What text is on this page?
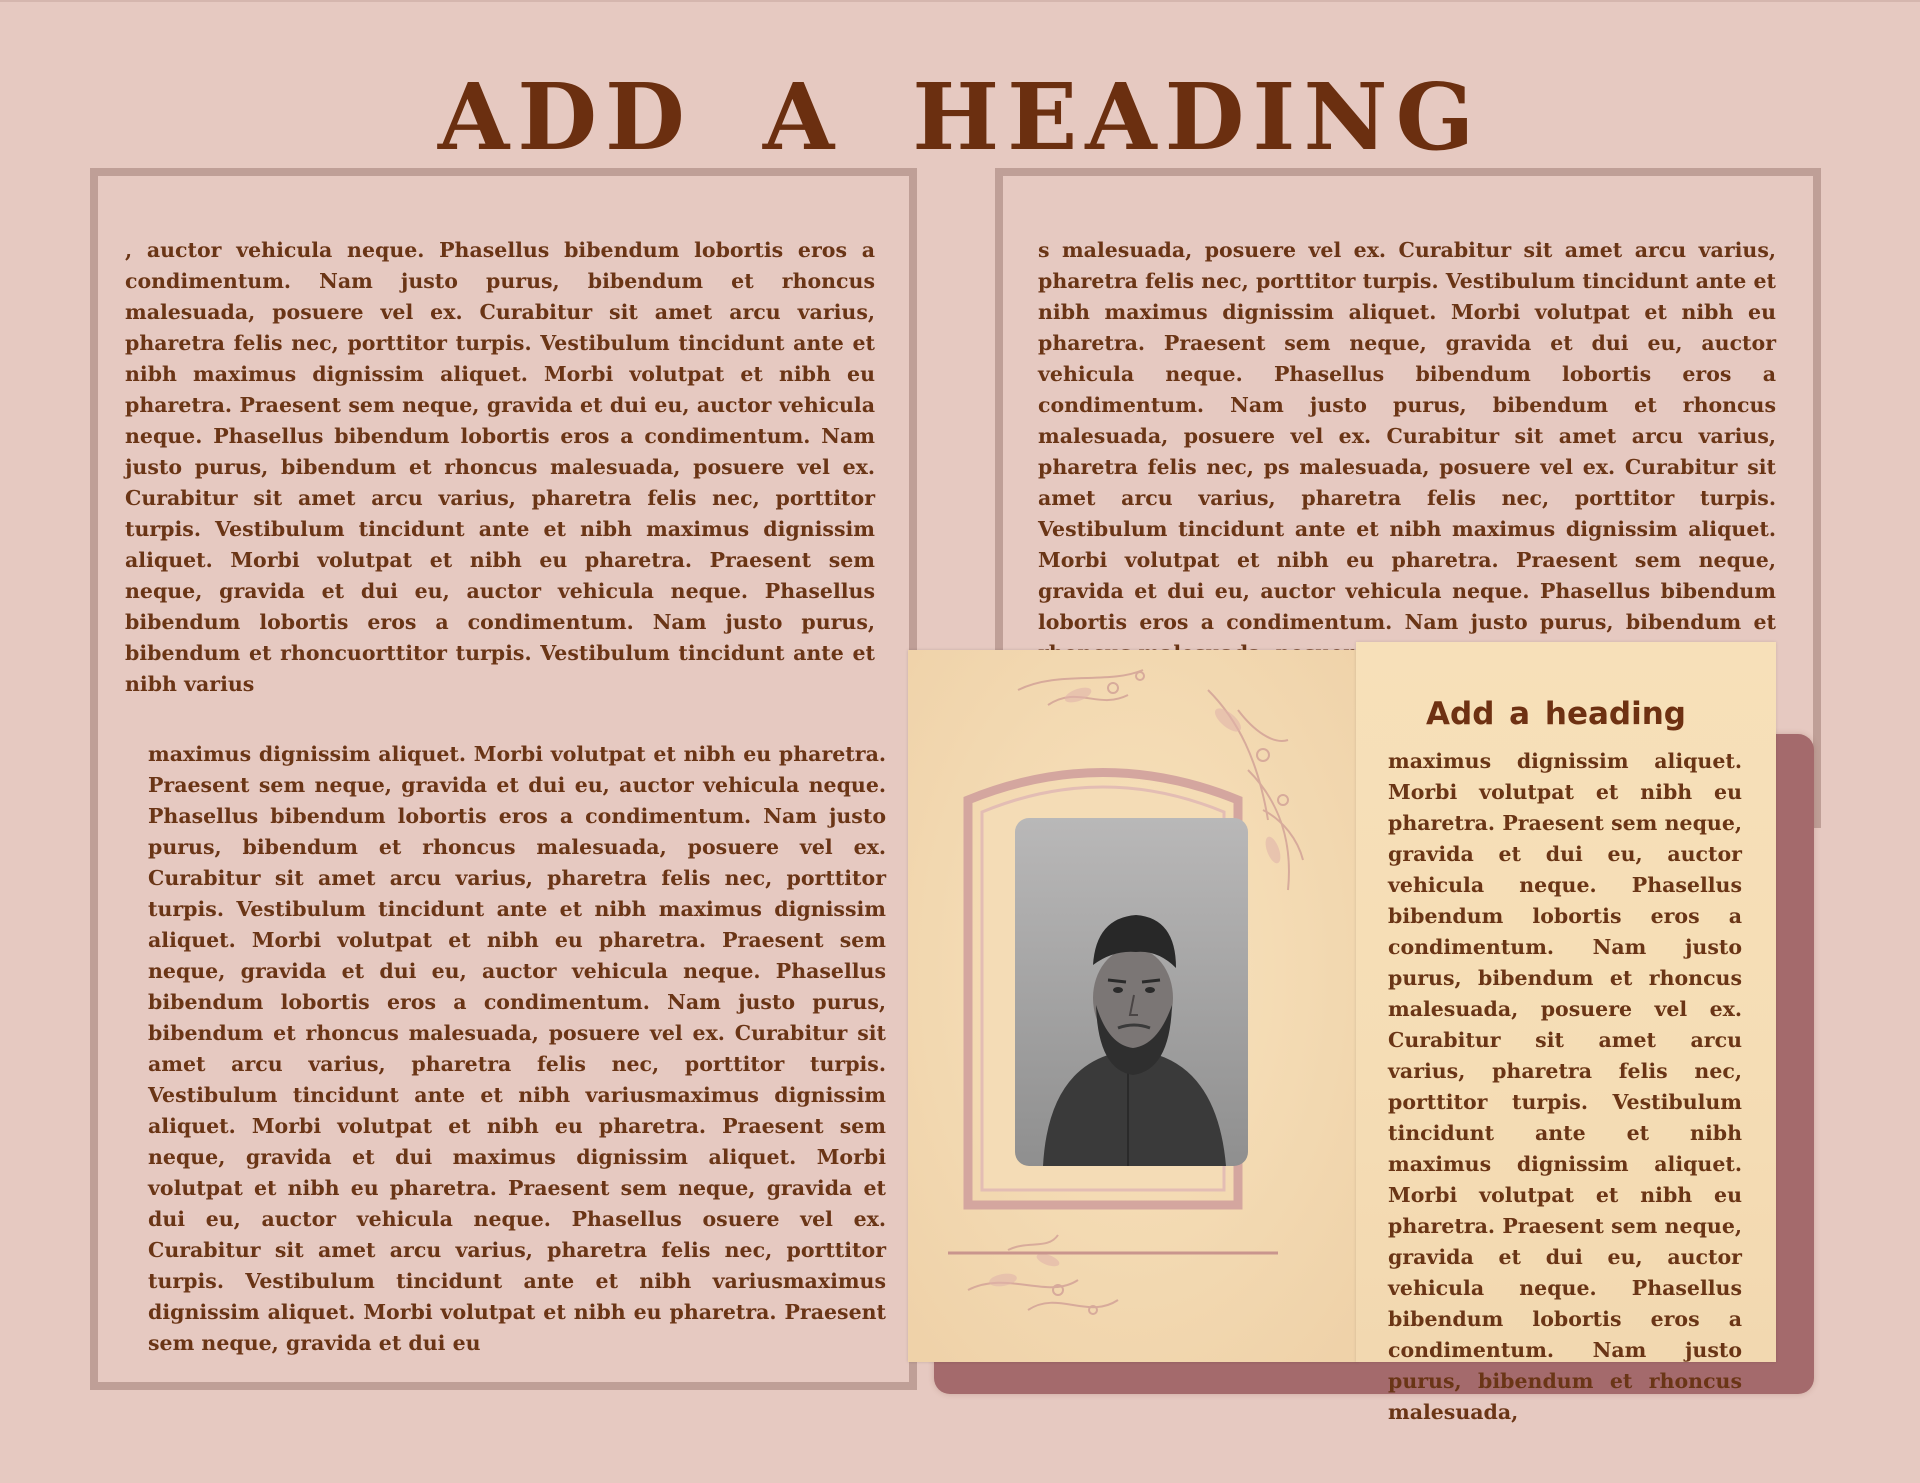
ADD A HEADING

, auctor vehicula neque. Phasellus bibendum lobortis eros a condimentum. Nam justo purus, bibendum et rhoncus malesuada, posuere vel ex. Curabitur sit amet arcu varius, pharetra felis nec, porttitor turpis. Vestibulum tincidunt ante et nibh maximus dignissim aliquet. Morbi volutpat et nibh eu pharetra. Praesent sem neque, gravida et dui eu, auctor vehicula neque. Phasellus bibendum lobortis eros a condimentum. Nam justo purus, bibendum et rhoncus malesuada, posuere vel ex. Curabitur sit amet arcu varius, pharetra felis nec, porttitor turpis. Vestibulum tincidunt ante et nibh maximus dignissim aliquet. Morbi volutpat et nibh eu pharetra. Praesent sem neque, gravida et dui eu, auctor vehicula neque. Phasellus bibendum lobortis eros a condimentum. Nam justo purus, bibendum et rhoncuorttitor turpis. Vestibulum tincidunt ante et nibh varius

s malesuada, posuere vel ex. Curabitur sit amet arcu varius, pharetra felis nec, porttitor turpis. Vestibulum tincidunt ante et nibh maximus dignissim aliquet. Morbi volutpat et nibh eu pharetra. Praesent sem neque, gravida et dui eu, auctor vehicula neque. Phasellus bibendum lobortis eros a condimentum. Nam justo purus, bibendum et rhoncus malesuada, posuere vel ex. Curabitur sit amet arcu varius, pharetra felis nec, ps malesuada, posuere vel ex. Curabitur sit amet arcu varius, pharetra felis nec, porttitor turpis. Vestibulum tincidunt ante et nibh maximus dignissim aliquet. Morbi volutpat et nibh eu pharetra. Praesent sem neque, gravida et dui eu, auctor vehicula neque. Phasellus bibendum lobortis eros a condimentum. Nam justo purus, bibendum et

maximus dignissim aliquet. Morbi volutpat et nibh eu pharetra. Praesent sem neque, gravida et dui eu, auctor vehicula neque. Phasellus bibendum lobortis eros a condimentum. Nam justo purus, bibendum et rhoncus malesuada, posuere vel ex. Curabitur sit amet arcu varius, pharetra felis nec, porttitor turpis. Vestibulum tincidunt ante et nibh maximus dignissim aliquet. Morbi volutpat et nibh eu pharetra. Praesent sem neque, gravida et dui eu, auctor vehicula neque. Phasellus bibendum lobortis eros a condimentum. Nam justo purus, bibendum et rhoncus malesuada, posuere vel ex. Curabitur sit amet arcu varius, pharetra felis nec, porttitor turpis. Vestibulum tincidunt ante et nibh variusmaximus dignissim aliquet. Morbi volutpat et nibh eu pharetra. Praesent sem neque, gravida et dui maximus dignissim aliquet. Morbi volutpat et nibh eu pharetra. Praesent sem neque, gravida et dui eu, auctor vehicula neque. Phasellus osuere vel ex. Curabitur sit amet arcu varius, pharetra felis nec, porttitor turpis. Vestibulum tincidunt ante et nibh variusmaximus dignissim aliquet. Morbi volutpat et nibh eu pharetra. Praesent sem neque, gravida et dui eu

Add a heading

maximus dignissim aliquet. Morbi volutpat et nibh eu pharetra. Praesent sem neque, gravida et dui eu, auctor vehicula neque. Phasellus bibendum lobortis eros a condimentum. Nam justo purus, bibendum et rhoncus malesuada, posuere vel ex. Curabitur sit amet arcu varius, pharetra felis nec, porttitor turpis. Vestibulum tincidunt ante et nibh maximus dignissim aliquet. Morbi volutpat et nibh eu pharetra. Praesent sem neque, gravida et dui eu, auctor vehicula neque. Phasellus bibendum lobortis eros a condimentum. Nam justo purus, bibendum et rhoncus malesuada,
